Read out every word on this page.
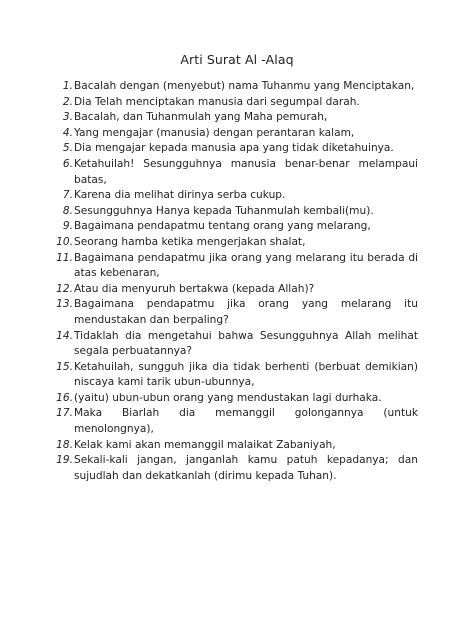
Arti Surat Al -Alaq
1 . Bacalah dengan (menyebut) nama Tuhanmu yang Menciptakan,
2 . Dia Telah menciptakan manusia dari segumpal darah.
3 . Bacalah, dan Tuhanmulah yang Maha pemurah,
4 . Yang mengajar (manusia) dengan perantaran kalam,
5 . Dia mengajar kepada manusia apa yang tidak diketahuinya.
6 . Ketahuilah! Sesungguhnya manusia benar-benar melampaui batas,
7 . Karena dia melihat dirinya serba cukup.
8 . Sesungguhnya Hanya kepada Tuhanmulah kembali(mu).
9 . Bagaimana pendapatmu tentang orang yang melarang,
10 . Seorang hamba ketika mengerjakan shalat,
11 . Bagaimana pendapatmu jika orang yang melarang itu berada di atas kebenaran,
12 . Atau dia menyuruh bertakwa (kepada Allah)?
13 . Bagaimana pendapatmu jika orang yang melarang itu mendustakan dan berpaling?
14 . Tidaklah dia mengetahui bahwa Sesungguhnya Allah melihat segala perbuatannya?
15 . Ketahuilah, sungguh jika dia tidak berhenti (berbuat demikian) niscaya kami tarik ubun-ubunnya,
16 . (yaitu) ubun-ubun orang yang mendustakan lagi durhaka.
17 . Maka Biarlah dia memanggil golongannya (untuk menolongnya),
18 . Kelak kami akan memanggil malaikat Zabaniyah,
19 . Sekali-kali jangan, janganlah kamu patuh kepadanya; dan sujudlah dan dekatkanlah (dirimu kepada Tuhan).
